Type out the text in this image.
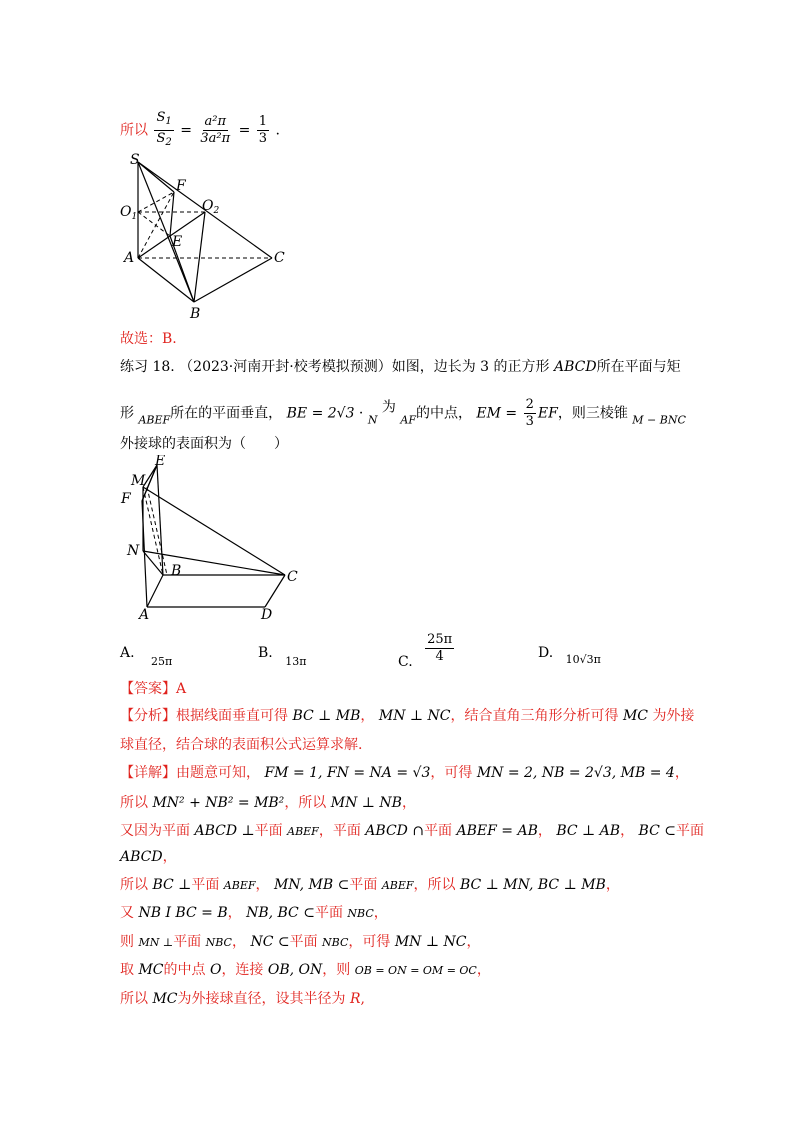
所以 $\frac{S_1}{S_2} = \frac{\text{a²π}}{\text{3a²π}} = \frac{1}{3}$ .
S
F
$O_1$
$O_2$
E
A	C
B
故选：B.
练习 18. （2023·河南开封·校考模拟预测）如图，边长为 3 的正方形 ABCD所在平面与矩
形 $_{ABEF}$所在的平面垂直， BE = 2√3 · $_N$ 为 $_{AF}$的中点， EM = $\frac{2}{3}$ EF，则三棱锥 $_{M - BNC}$
外接球的表面积为（　　）
E
M
F
N
B	C
A	D
A. $_{25\pi}$
B. $_{13\pi}$	C. $\frac{25\pi}{4}$	D. $_{10√3\pi}$
【答案】A
【分析】根据线面垂直可得 BC ⊥ MB， MN ⊥ NC，结合直角三角形分析可得 MC 为外接
球直径，结合球的表面积公式运算求解.
【详解】由题意可知， FM = 1, FN = NA = √3，可得 MN = 2, NB = 2√3, MB = 4，
所以 MN² + NB² = MB²，所以 MN ⊥ NB，
又因为平面 ABCD ⊥平面 ABEF，平面 ABCD ∩平面 ABEF = AB， BC ⊥ AB， BC ⊂平面
ABCD，
所以 BC ⊥平面 ABEF， MN, MB ⊂平面 ABEF，所以 BC ⊥ MN, BC ⊥ MB，
又 NB I BC = B， NB, BC ⊂平面 NBC，
则 MN ⊥平面 NBC， NC ⊂平面 NBC，可得 MN ⊥ NC，
取 MC的中点 O，连接 OB, ON，则 OB = ON = OM = OC，
所以 MC为外接球直径，设其半径为 R,
